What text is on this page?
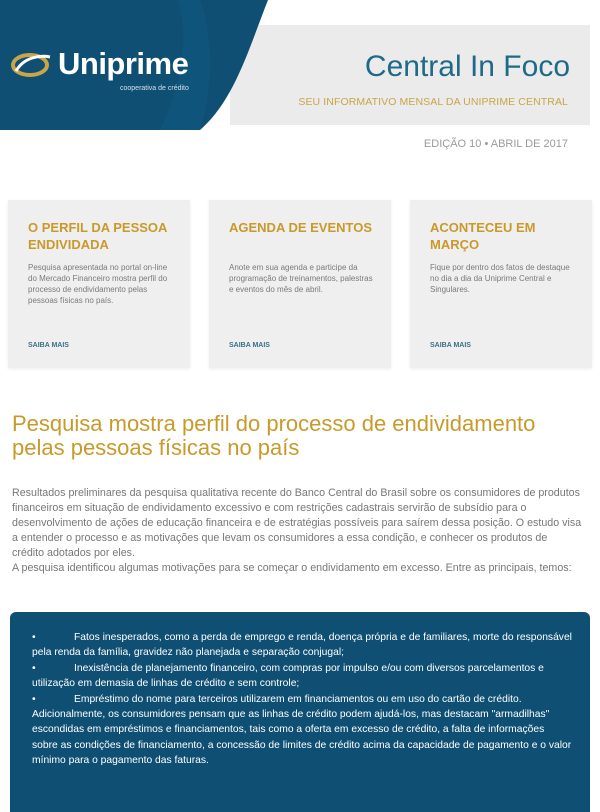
Uniprime
cooperativa de crédito
Central In Foco
SEU INFORMATIVO MENSAL DA UNIPRIME CENTRAL
EDIÇÃO 10 • ABRIL DE 2017
O PERFIL DA PESSOA ENDIVIDADA

Pesquisa apresentada no portal on-line do Mercado Financeiro mostra perfil do processo de endividamento pelas pessoas físicas no país.

SAIBA MAIS
AGENDA DE EVENTOS

Anote em sua agenda e participe da programação de treinamentos, palestras e eventos do mês de abril.

SAIBA MAIS
ACONTECEU EM MARÇO

Fique por dentro dos fatos de destaque no dia a dia da Uniprime Central e Singulares.

SAIBA MAIS
Pesquisa mostra perfil do processo de endividamento pelas pessoas físicas no país

Resultados preliminares da pesquisa qualitativa recente do Banco Central do Brasil sobre os consumidores de produtos financeiros em situação de endividamento excessivo e com restrições cadastrais servirão de subsídio para o desenvolvimento de ações de educação financeira e de estratégias possíveis para saírem dessa posição. O estudo visa a entender o processo e as motivações que levam os consumidores a essa condição, e conhecer os produtos de crédito adotados por eles.

A pesquisa identificou algumas motivações para se começar o endividamento em excesso. Entre as principais, temos:

•	Fatos inesperados, como a perda de emprego e renda, doença própria e de familiares, morte do responsável pela renda da família, gravidez não planejada e separação conjugal;

•	Inexistência de planejamento financeiro, com compras por impulso e/ou com diversos parcelamentos e utilização em demasia de linhas de crédito e sem controle;

•	Empréstimo do nome para terceiros utilizarem em financiamentos ou em uso do cartão de crédito.

Adicionalmente, os consumidores pensam que as linhas de crédito podem ajudá-los, mas destacam "armadilhas" escondidas em empréstimos e financiamentos, tais como a oferta em excesso de crédito, a falta de informações sobre as condições de financiamento, a concessão de limites de crédito acima da capacidade de pagamento e o valor mínimo para o pagamento das faturas.
